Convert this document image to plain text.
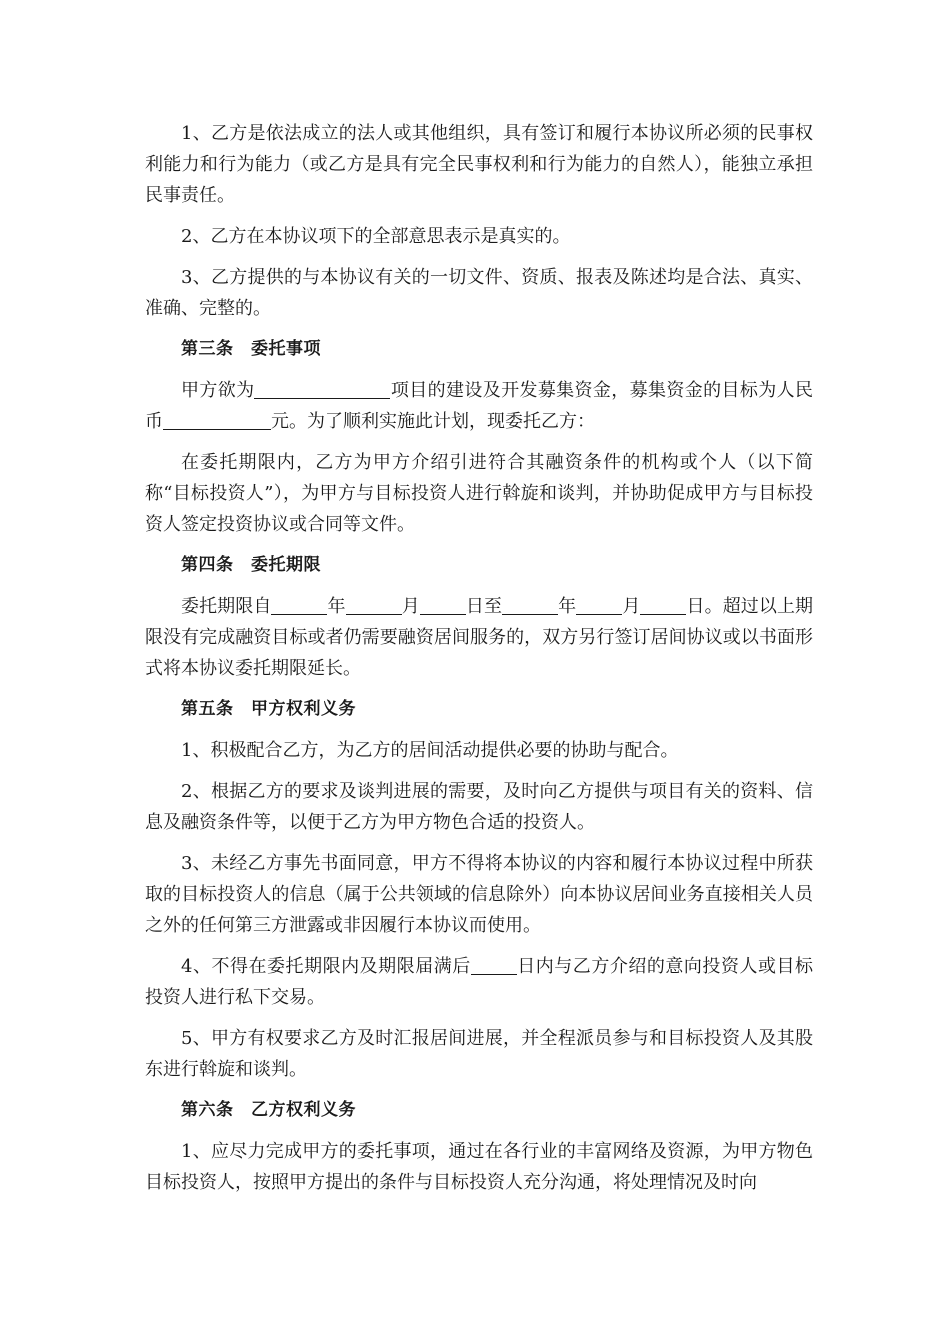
1、乙方是依法成立的法人或其他组织，具有签订和履行本协议所必须的民事权利能力和行为能力（或乙方是具有完全民事权利和行为能力的自然人），能独立承担民事责任。

2、乙方在本协议项下的全部意思表示是真实的。

3、乙方提供的与本协议有关的一切文件、资质、报表及陈述均是合法、真实、准确、完整的。

第三条　委托事项

甲方欲为	项目的建设及开发募集资金，募集资金的目标为人民币	元。为了顺利实施此计划，现委托乙方：

在委托期限内，乙方为甲方介绍引进符合其融资条件的机构或个人（以下简称“目标投资人”），为甲方与目标投资人进行斡旋和谈判，并协助促成甲方与目标投资人签定投资协议或合同等文件。

第四条　委托期限

委托期限自	年	月	日至	年	月	日。超过以上期限没有完成融资目标或者仍需要融资居间服务的，双方另行签订居间协议或以书面形式将本协议委托期限延长。

第五条　甲方权利义务

1、积极配合乙方，为乙方的居间活动提供必要的协助与配合。

2、根据乙方的要求及谈判进展的需要，及时向乙方提供与项目有关的资料、信息及融资条件等，以便于乙方为甲方物色合适的投资人。

3、未经乙方事先书面同意，甲方不得将本协议的内容和履行本协议过程中所获取的目标投资人的信息（属于公共领域的信息除外）向本协议居间业务直接相关人员之外的任何第三方泄露或非因履行本协议而使用。

4、不得在委托期限内及期限届满后	日内与乙方介绍的意向投资人或目标投资人进行私下交易。

5、甲方有权要求乙方及时汇报居间进展，并全程派员参与和目标投资人及其股东进行斡旋和谈判。

第六条　乙方权利义务

1、应尽力完成甲方的委托事项，通过在各行业的丰富网络及资源，为甲方物色目标投资人，按照甲方提出的条件与目标投资人充分沟通，将处理情况及时向
